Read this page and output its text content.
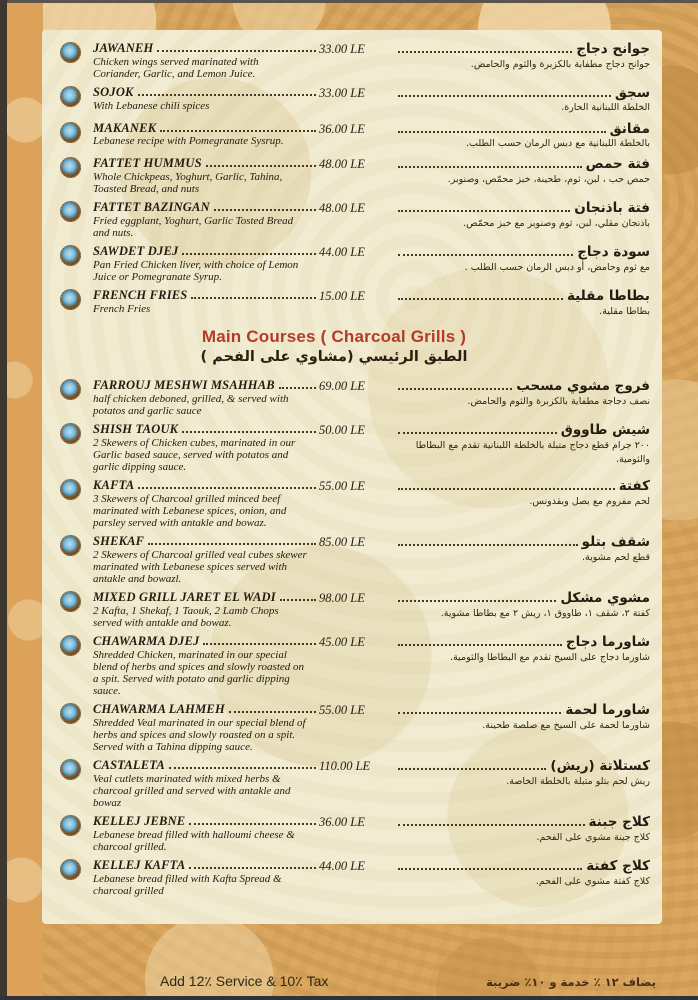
JAWANEH
Chicken wings served marinated with Coriander, Garlic, and Lemon Juice.
33.00 LE	جوانح دجاج
جوانح دجاج مطفاية بالكزبرة والثوم والحامض.
SOJOK
With Lebanese chili spices
33.00 LE	سجق
الخلطة اللبنانية الحارة.
MAKANEK
Lebanese recipe with Pomegranate Sysrup.
36.00 LE	مقانق
بالخلطة اللبنانية مع دبس الرمان حسب الطلب.
FATTET HUMMUS
Whole Chickpeas, Yoghurt, Garlic, Tahina, Toasted Bread, and nuts
48.00 LE	فتة حمص
حمص حب ، لبن، ثوم، طحينة، خبز محمّص، وصنوبر.
FATTET BAZINGAN
Fried eggplant, Yoghurt, Garlic Tosted Bread and nuts.
48.00 LE	فتة باذنجان
باذنجان مقلي، لبن، ثوم وصنوبر مع خبز محمّص.
SAWDET DJEJ
Pan Fried Chicken liver, with choice of Lemon Juice or Pomegranate Syrup.
44.00 LE	سودة دجاج
مع ثوم وحامض، أو دبس الرمان حسب الطلب .
FRENCH FRIES
French Fries
15.00 LE	بطاطا مقلية
بطاطا مقلية.
Main Courses ( Charcoal Grills )
الطبق الرئيسي (مشاوي على الفحم )
FARROUJ MESHWI MSAHHAB
half chicken deboned, grilled, & served with potatos and garlic sauce
69.00 LE	فروج مشوي مسحب
نصف دجاجة مطفاية بالكزبرة والثوم والحامض.
SHISH TAOUK
2 Skewers of Chicken cubes, marinated in our Garlic based sauce, served with potatos and garlic dipping sauce.
50.00 LE	شيش طاووق
٢٠٠ جرام قطع دجاج متبلة بالخلطة اللبنانية تقدم مع البطاطا والثومية.
KAFTA
3 Skewers of Charcoal grilled minced beef marinated with Lebanese spices, onion, and parsley served with antakle and bowaz.
55.00 LE	كفتة
لحم مفروم مع بصل وبقدونس.
SHEKAF
2 Skewers of Charcoal grilled veal cubes skewer marinated with Lebanese spices served with antakle and bowazl.
85.00 LE	شقف بتلو
قطع لحم مشوية.
MIXED GRILL JARET EL WADI
2 Kafta, 1 Shekaf, 1 Taouk, 2 Lamb Chops served with antakle and bowaz.
98.00 LE	مشوي مشكل
كفتة ٢، شقف ١، طاووق ١، ريش ٢ مع بطاطا مشوية.
CHAWARMA DJEJ
Shredded Chicken, marinated in our special blend of herbs and spices and slowly roasted on a spit. Served with potato and garlic dipping sauce.
45.00 LE	شاورما دجاج
شاورما دجاج على السيخ تقدم مع البطاطا والثومية.
CHAWARMA LAHMEH
Shredded Veal marinated in our special blend of herbs and spices and slowly roasted on a spit. Served with a Tahina dipping sauce.
55.00 LE	شاورما لحمة
شاورما لحمة على السيخ مع صلصة طحينة.
CASTALETA
Veal cutlets marinated with mixed herbs & charcoal grilled and served with antakle and bowaz
110.00 LE	كستلاتة (ريش)
ريش لحم بتلو متبلة بالخلطة الخاصة.
KELLEJ JEBNE
Lebanese bread filled with halloumi cheese & charcoal grilled.
36.00 LE	كلاج جبنة
كلاج جبنة مشوي على الفحم.
KELLEJ KAFTA
Lebanese bread filled with Kafta Spread & charcoal grilled
44.00 LE	كلاج كفتة
كلاج كفتة مشوي على الفحم.
Add 12٪ Service & 10٪ Tax	يضاف ١٢ ٪ خدمة و ١٠٪ ضريبة
